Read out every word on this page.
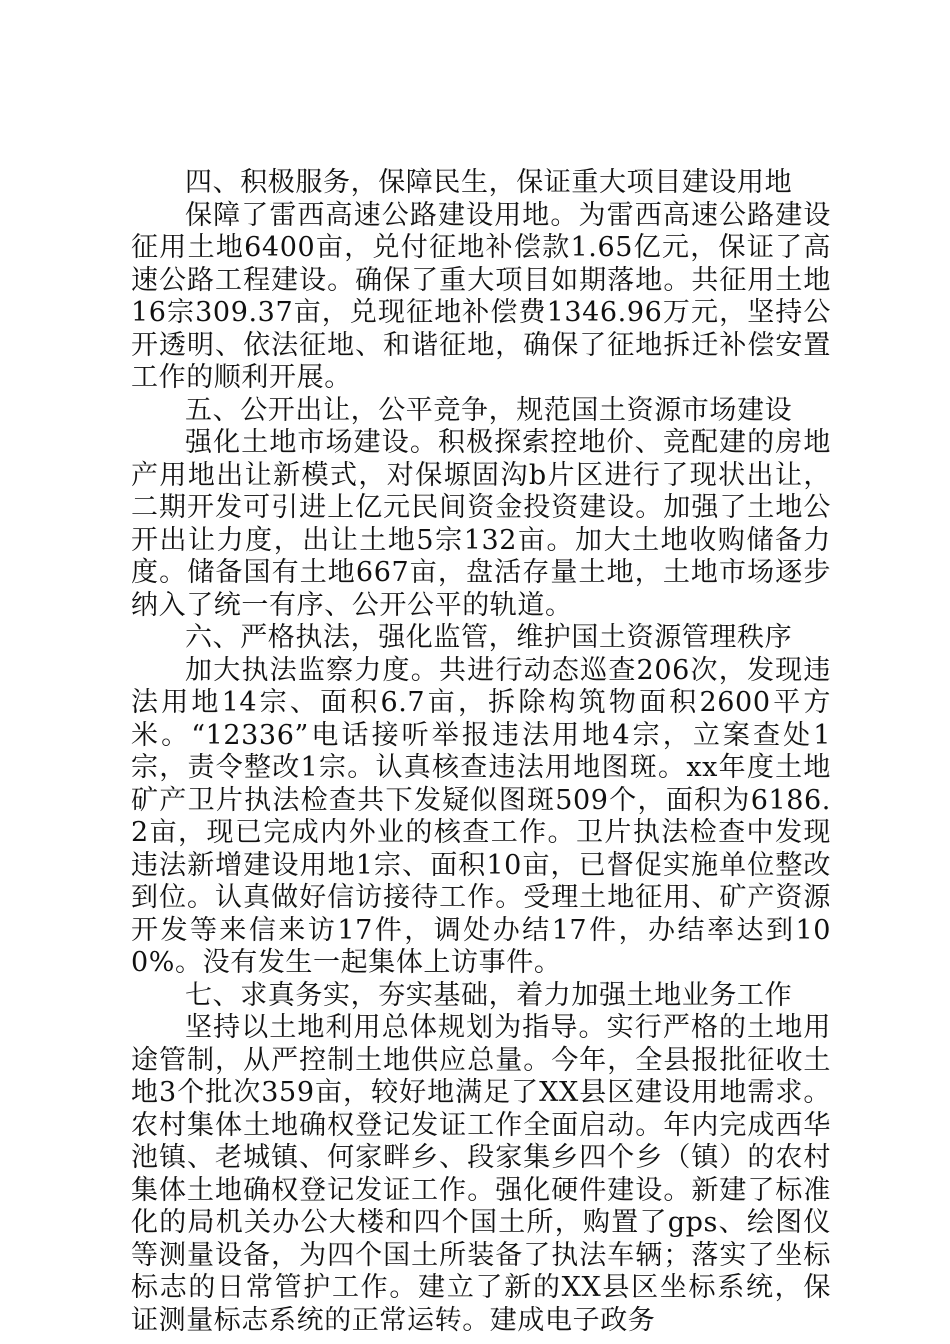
四、积极服务，保障民生，保证重大项目建设用地

保障了雷西高速公路建设用地。为雷西高速公路建设征用土地6400亩，兑付征地补偿款1.65亿元，保证了高速公路工程建设。确保了重大项目如期落地。共征用土地16宗309.37亩，兑现征地补偿费1346.96万元，坚持公开透明、依法征地、和谐征地，确保了征地拆迁补偿安置工作的顺利开展。

五、公开出让，公平竞争，规范国土资源市场建设

强化土地市场建设。积极探索控地价、竞配建的房地产用地出让新模式，对保塬固沟b片区进行了现状出让，二期开发可引进上亿元民间资金投资建设。加强了土地公开出让力度，出让土地5宗132亩。加大土地收购储备力度。储备国有土地667亩，盘活存量土地，土地市场逐步纳入了统一有序、公开公平的轨道。

六、严格执法，强化监管，维护国土资源管理秩序

加大执法监察力度。共进行动态巡查206次，发现违法用地14宗、面积6.7亩，拆除构筑物面积2600平方米。“12336”电话接听举报违法用地4宗，立案查处1宗，责令整改1宗。认真核查违法用地图斑。xx年度土地矿产卫片执法检查共下发疑似图斑509个，面积为6186.2亩，现已完成内外业的核查工作。卫片执法检查中发现违法新增建设用地1宗、面积10亩，已督促实施单位整改到位。认真做好信访接待工作。受理土地征用、矿产资源开发等来信来访17件，调处办结17件，办结率达到100%。没有发生一起集体上访事件。

七、求真务实，夯实基础，着力加强土地业务工作

坚持以土地利用总体规划为指导。实行严格的土地用途管制，从严控制土地供应总量。今年，全县报批征收土地3个批次359亩，较好地满足了XX县区建设用地需求。农村集体土地确权登记发证工作全面启动。年内完成西华池镇、老城镇、何家畔乡、段家集乡四个乡（镇）的农村集体土地确权登记发证工作。强化硬件建设。新建了标准化的局机关办公大楼和四个国土所，购置了gps、绘图仪等测量设备，为四个国土所装备了执法车辆；落实了坐标标志的日常管护工作。建立了新的XX县区坐标系统，保证测量标志系统的正常运转。建成电子政务
